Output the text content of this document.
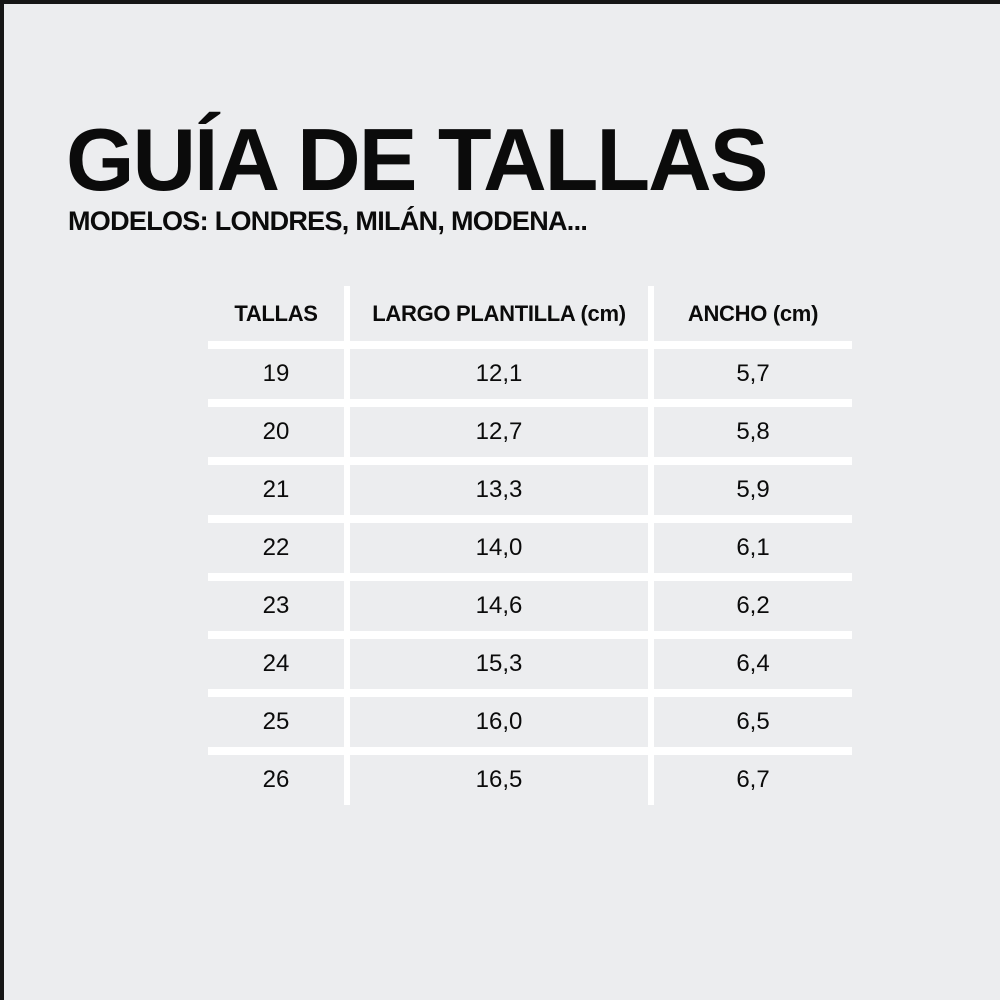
GUÍA DE TALLAS
MODELOS: LONDRES, MILÁN, MODENA...
TALLAS	LARGO PLANTILLA (cm)	ANCHO (cm)
19	12,1	5,7
20	12,7	5,8
21	13,3	5,9
22	14,0	6,1
23	14,6	6,2
24	15,3	6,4
25	16,0	6,5
26	16,5	6,7
